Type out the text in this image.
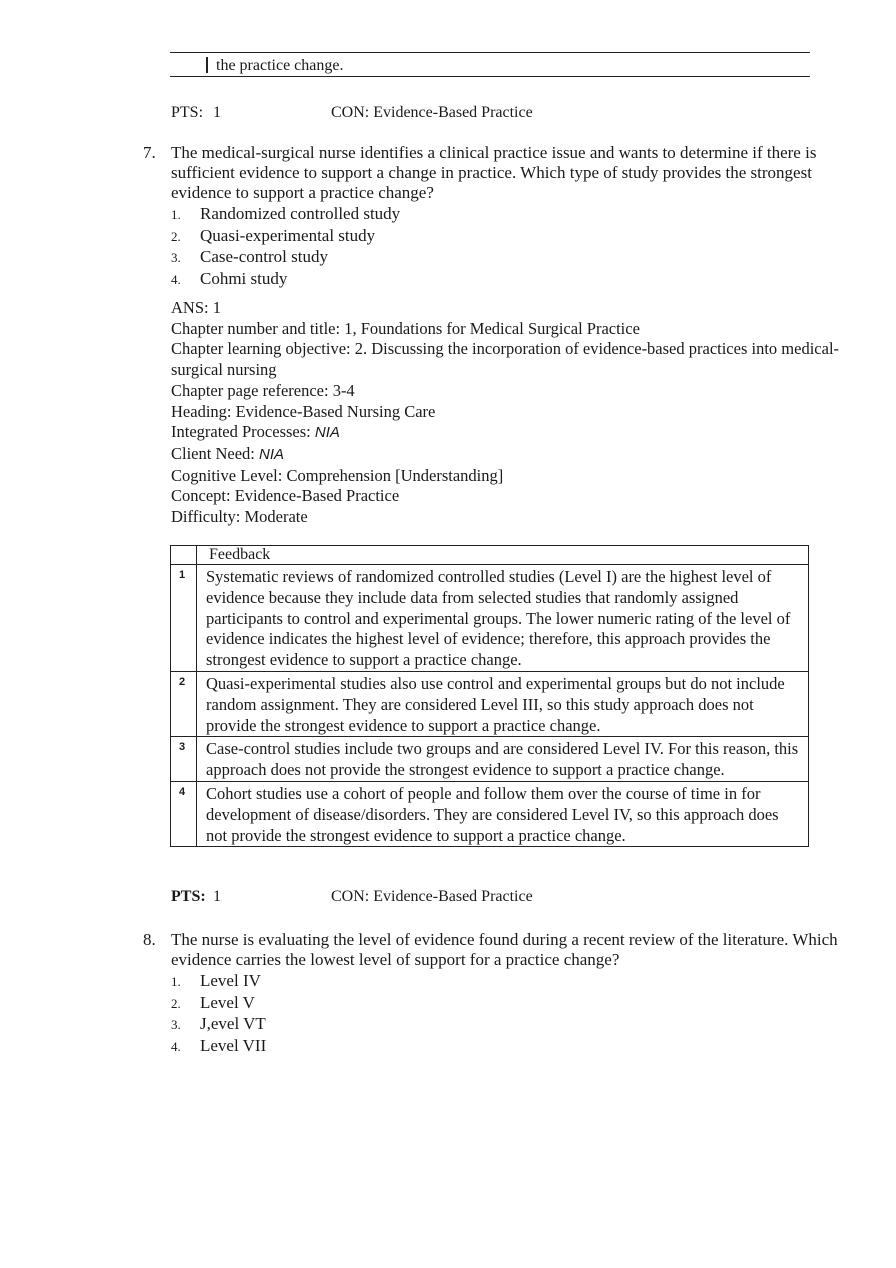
the practice change.
PTS: 1	CON: Evidence-Based Practice
7. The medical-surgical nurse identifies a clinical practice issue and wants to determine if there is sufficient evidence to support a change in practice. Which type of study provides the strongest evidence to support a practice change?
1. Randomized controlled study
2. Quasi-experimental study
3. Case-control study
4. Cohmi study
ANS: 1
Chapter number and title: 1, Foundations for Medical Surgical Practice
Chapter learning objective: 2. Discussing the incorporation of evidence-based practices into medical-surgical nursing
Chapter page reference: 3-4
Heading: Evidence-Based Nursing Care
Integrated Processes: NIA
Client Need: NIA
Cognitive Level: Comprehension [Understanding]
Concept: Evidence-Based Practice
Difficulty: Moderate
	Feedback
1	Systematic reviews of randomized controlled studies (Level I) are the highest level of evidence because they include data from selected studies that randomly assigned participants to control and experimental groups. The lower numeric rating of the level of evidence indicates the highest level of evidence; therefore, this approach provides the strongest evidence to support a practice change.
2	Quasi-experimental studies also use control and experimental groups but do not include random assignment. They are considered Level III, so this study approach does not provide the strongest evidence to support a practice change.
3	Case-control studies include two groups and are considered Level IV. For this reason, this approach does not provide the strongest evidence to support a practice change.
4	Cohort studies use a cohort of people and follow them over the course of time in for development of disease/disorders. They are considered Level IV, so this approach does not provide the strongest evidence to support a practice change.
PTS: 1	CON: Evidence-Based Practice
8. The nurse is evaluating the level of evidence found during a recent review of the literature. Which evidence carries the lowest level of support for a practice change?
1. Level IV
2. Level V
3. J,evel VT
4. Level VII
